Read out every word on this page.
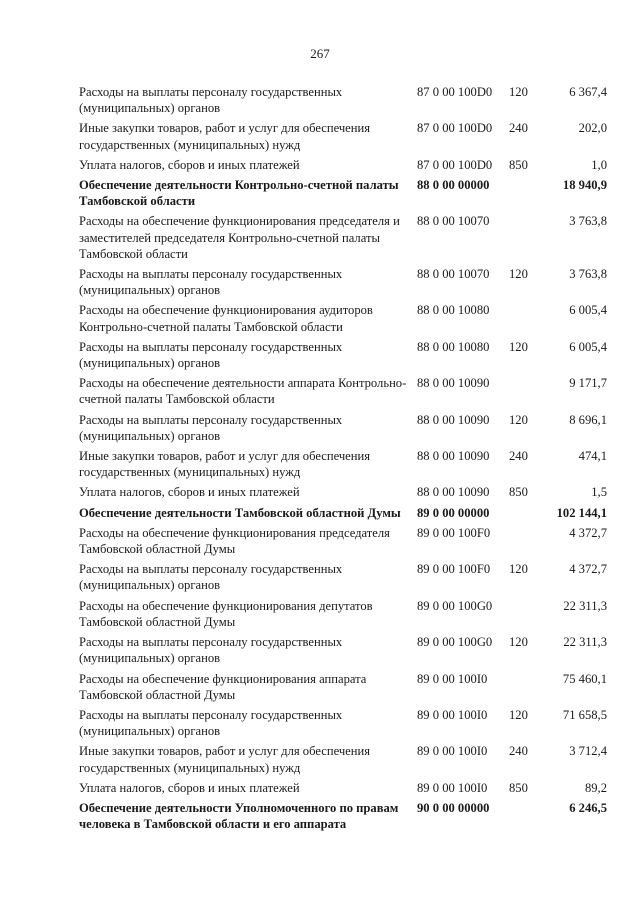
267
Расходы на выплаты персоналу государственных (муниципальных) органов	87 0 00 100D0	120	6 367,4
Иные закупки товаров, работ и услуг для обеспечения государственных (муниципальных) нужд	87 0 00 100D0	240	202,0
Уплата налогов, сборов и иных платежей	87 0 00 100D0	850	1,0
Обеспечение деятельности Контрольно-счетной палаты Тамбовской области	88 0 00 00000		18 940,9
Расходы на обеспечение функционирования председателя и заместителей председателя Контрольно-счетной палаты Тамбовской области	88 0 00 10070		3 763,8
Расходы на выплаты персоналу государственных (муниципальных) органов	88 0 00 10070	120	3 763,8
Расходы на обеспечение функционирования аудиторов Контрольно-счетной палаты Тамбовской области	88 0 00 10080		6 005,4
Расходы на выплаты персоналу государственных (муниципальных) органов	88 0 00 10080	120	6 005,4
Расходы на обеспечение деятельности аппарата Контрольно-счетной палаты Тамбовской области	88 0 00 10090		9 171,7
Расходы на выплаты персоналу государственных (муниципальных) органов	88 0 00 10090	120	8 696,1
Иные закупки товаров, работ и услуг для обеспечения государственных (муниципальных) нужд	88 0 00 10090	240	474,1
Уплата налогов, сборов и иных платежей	88 0 00 10090	850	1,5
Обеспечение деятельности Тамбовской областной Думы	89 0 00 00000		102 144,1
Расходы на обеспечение функционирования председателя Тамбовской областной Думы	89 0 00 100F0		4 372,7
Расходы на выплаты персоналу государственных (муниципальных) органов	89 0 00 100F0	120	4 372,7
Расходы на обеспечение функционирования депутатов Тамбовской областной Думы	89 0 00 100G0		22 311,3
Расходы на выплаты персоналу государственных (муниципальных) органов	89 0 00 100G0	120	22 311,3
Расходы на обеспечение функционирования аппарата Тамбовской областной Думы	89 0 00 100I0		75 460,1
Расходы на выплаты персоналу государственных (муниципальных) органов	89 0 00 100I0	120	71 658,5
Иные закупки товаров, работ и услуг для обеспечения государственных (муниципальных) нужд	89 0 00 100I0	240	3 712,4
Уплата налогов, сборов и иных платежей	89 0 00 100I0	850	89,2
Обеспечение деятельности Уполномоченного по правам человека в Тамбовской области и его аппарата	90 0 00 00000		6 246,5
